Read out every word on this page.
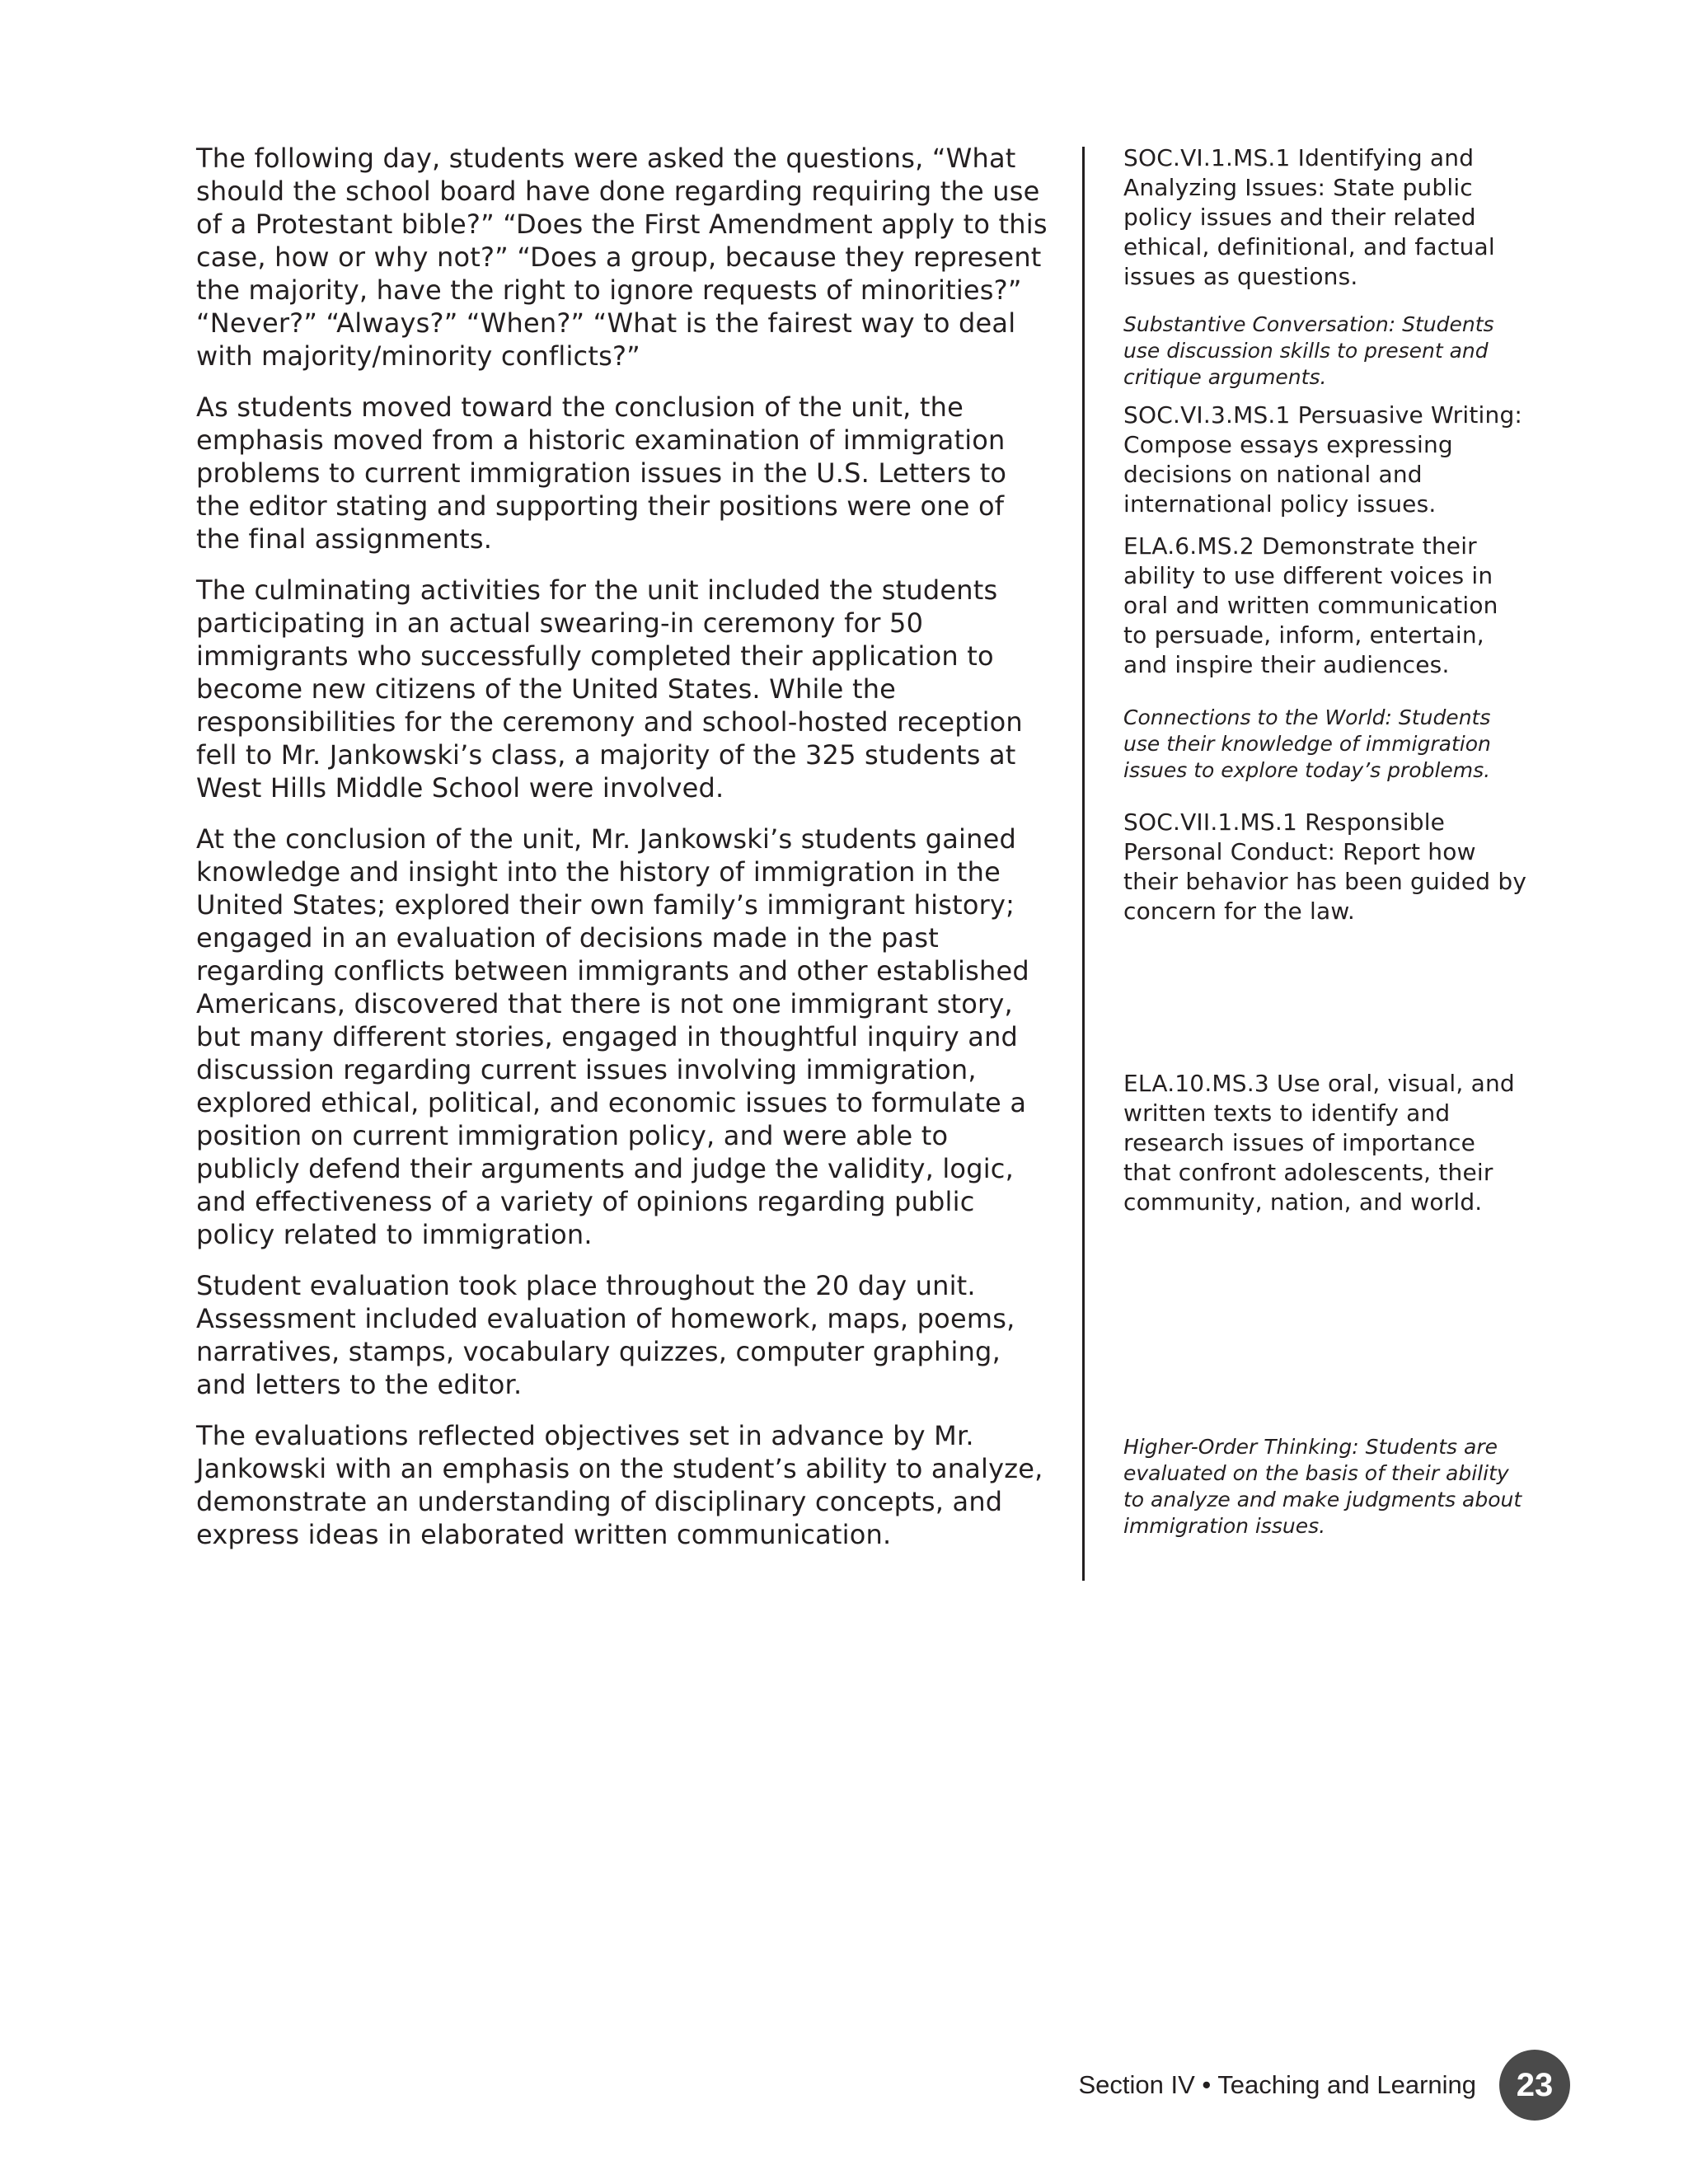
The following day, students were asked the questions, “What should the school board have done regarding requiring the use of a Protestant bible?” “Does the First Amendment apply to this case, how or why not?” “Does a group, because they represent the majority, have the right to ignore requests of minorities?” “Never?” “Always?” “When?” “What is the fairest way to deal with majority/minority conflicts?”

As students moved toward the conclusion of the unit, the emphasis moved from a historic examination of immigration problems to current immigration issues in the U.S. Letters to the editor stating and supporting their positions were one of the final assignments.

The culminating activities for the unit included the students participating in an actual swearing-in ceremony for 50 immigrants who successfully completed their application to become new citizens of the United States. While the responsibilities for the ceremony and school-hosted reception fell to Mr. Jankowski’s class, a majority of the 325 students at West Hills Middle School were involved.

At the conclusion of the unit, Mr. Jankowski’s students gained knowledge and insight into the history of immigration in the United States; explored their own family’s immigrant history; engaged in an evaluation of decisions made in the past regarding conflicts between immigrants and other established Americans, discovered that there is not one immigrant story, but many different stories, engaged in thoughtful inquiry and discussion regarding current issues involving immigration, explored ethical, political, and economic issues to formulate a position on current immigration policy, and were able to publicly defend their arguments and judge the validity, logic, and effectiveness of a variety of opinions regarding public policy related to immigration.

Student evaluation took place throughout the 20 day unit. Assessment included evaluation of homework, maps, poems, narratives, stamps, vocabulary quizzes, computer graphing, and letters to the editor.

The evaluations reflected objectives set in advance by Mr. Jankowski with an emphasis on the student’s ability to analyze, demonstrate an understanding of disciplinary concepts, and express ideas in elaborated written communication.

SOC.VI.1.MS.1 Identifying and Analyzing Issues: State public policy issues and their related ethical, definitional, and factual issues as questions.

Substantive Conversation: Students use discussion skills to present and critique arguments.

SOC.VI.3.MS.1 Persuasive Writing: Compose essays expressing decisions on national and international policy issues.

ELA.6.MS.2 Demonstrate their ability to use different voices in oral and written communication to persuade, inform, entertain, and inspire their audiences.

Connections to the World: Students use their knowledge of immigration issues to explore today’s problems.

SOC.VII.1.MS.1 Responsible Personal Conduct: Report how their behavior has been guided by concern for the law.

ELA.10.MS.3 Use oral, visual, and written texts to identify and research issues of importance that confront adolescents, their community, nation, and world.

Higher-Order Thinking: Students are evaluated on the basis of their ability to analyze and make judgments about immigration issues.

Section IV • Teaching and Learning 23
